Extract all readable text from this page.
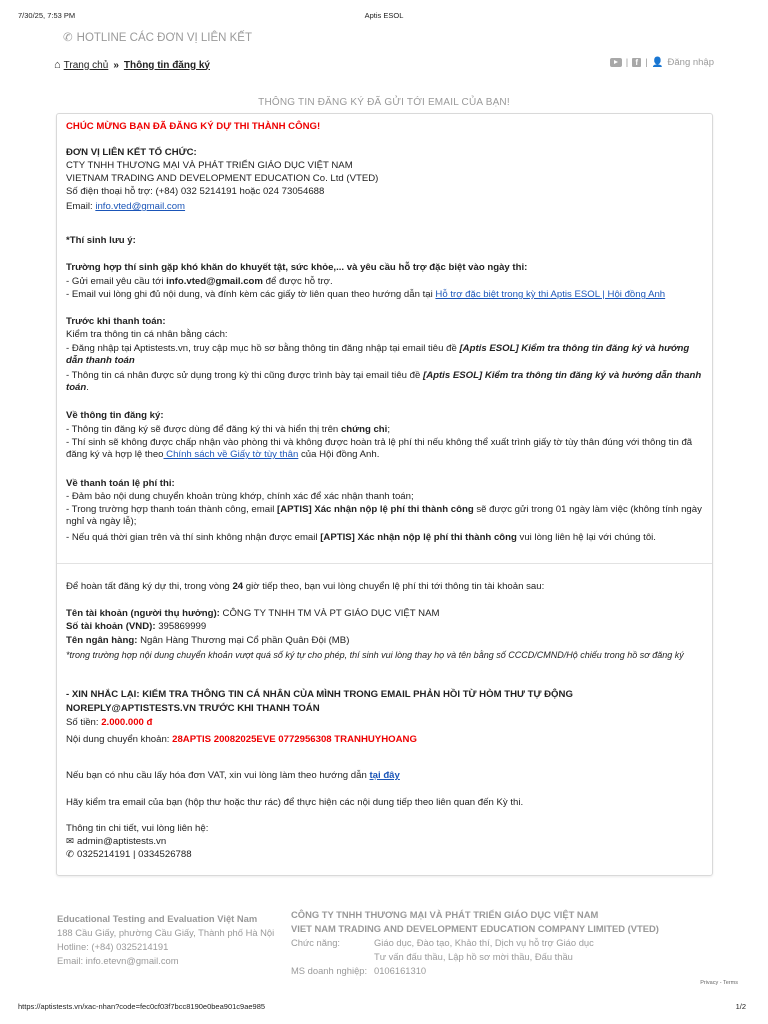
7/30/25, 7:53 PM	Aptis ESOL
✆ HOTLINE CÁC ĐƠN VỊ LIÊN KẾT
⌂ Trang chủ » Thông tin đăng ký	| f | 👤 Đăng nhập
THÔNG TIN ĐĂNG KÝ ĐÃ GỬI TỚI EMAIL CỦA BẠN!
CHÚC MỪNG BẠN ĐÃ ĐĂNG KÝ DỰ THI THÀNH CÔNG!
ĐƠN VỊ LIÊN KẾT TỔ CHỨC:
CTY TNHH THƯƠNG MẠI VÀ PHÁT TRIỂN GIÁO DỤC VIỆT NAM
VIETNAM TRADING AND DEVELOPMENT EDUCATION Co. Ltd (VTED)
Số điện thoại hỗ trợ: (+84) 032 5214191 hoặc 024 73054688
Email: info.vted@gmail.com
*Thí sinh lưu ý:
Trường hợp thí sinh gặp khó khăn do khuyết tật, sức khỏe,... và yêu cầu hỗ trợ đặc biệt vào ngày thi:
- Gửi email yêu cầu tới info.vted@gmail.com để được hỗ trợ.
- Email vui lòng ghi đủ nội dung, và đính kèm các giấy tờ liên quan theo hướng dẫn tại Hỗ trợ đặc biệt trong kỳ thi Aptis ESOL | Hội đồng Anh
Trước khi thanh toán:
Kiểm tra thông tin cá nhân bằng cách:
- Đăng nhập tại Aptistests.vn, truy cập mục hồ sơ bằng thông tin đăng nhập tại email tiêu đề [Aptis ESOL] Kiểm tra thông tin đăng ký và hướng dẫn thanh toán
- Thông tin cá nhân được sử dụng trong kỳ thi cũng được trình bày tại email tiêu đề [Aptis ESOL] Kiểm tra thông tin đăng ký và hướng dẫn thanh toán.
Về thông tin đăng ký:
- Thông tin đăng ký sẽ được dùng để đăng ký thi và hiển thị trên chứng chỉ;
- Thí sinh sẽ không được chấp nhận vào phòng thi và không được hoàn trả lệ phí thi nếu không thể xuất trình giấy tờ tùy thân đúng với thông tin đã đăng ký và hợp lệ theo Chính sách về Giấy tờ tùy thân của Hội đồng Anh.
Về thanh toán lệ phí thi:
- Đảm bảo nội dung chuyển khoản trùng khớp, chính xác để xác nhận thanh toán;
- Trong trường hợp thanh toán thành công, email [APTIS] Xác nhận nộp lệ phí thi thành công sẽ được gửi trong 01 ngày làm việc (không tính ngày nghỉ và ngày lễ);
- Nếu quá thời gian trên và thí sinh không nhận được email [APTIS] Xác nhận nộp lệ phí thi thành công vui lòng liên hệ lại với chúng tôi.
Để hoàn tất đăng ký dự thi, trong vòng 24 giờ tiếp theo, bạn vui lòng chuyển lệ phí thi tới thông tin tài khoản sau:
Tên tài khoản (người thụ hưởng): CÔNG TY TNHH TM VÀ PT GIÁO DỤC VIỆT NAM
Số tài khoản (VND): 395869999
Tên ngân hàng: Ngân Hàng Thương mại Cổ phần Quân Đội (MB)
*trong trường hợp nội dung chuyển khoản vượt quá số ký tự cho phép, thí sinh vui lòng thay họ và tên bằng số CCCD/CMND/Hộ chiếu trong hồ sơ đăng ký
- XIN NHẮC LẠI: KIỂM TRA THÔNG TIN CÁ NHÂN CỦA MÌNH TRONG EMAIL PHẢN HỒI TỪ HÒM THƯ TỰ ĐỘNG NOREPLY@APTISTESTS.VN TRƯỚC KHI THANH TOÁN
Số tiền: 2.000.000 đ
Nội dung chuyển khoản: 28APTIS 20082025EVE 0772956308 TRANHUYHOANG
Nếu bạn có nhu cầu lấy hóa đơn VAT, xin vui lòng làm theo hướng dẫn tại đây
Hãy kiểm tra email của bạn (hộp thư hoặc thư rác) để thực hiện các nội dung tiếp theo liên quan đến Kỳ thi.
Thông tin chi tiết, vui lòng liên hệ:
✉ admin@aptistests.vn
✆ 0325214191 | 0334526788
Educational Testing and Evaluation Việt Nam
188 Cầu Giấy, phường Cầu Giấy, Thành phố Hà Nội
Hotline: (+84) 0325214191
Email: info.etevn@gmail.com
CÔNG TY TNHH THƯƠNG MẠI VÀ PHÁT TRIỂN GIÁO DỤC VIỆT NAM
VIET NAM TRADING AND DEVELOPMENT EDUCATION COMPANY LIMITED (VTED)
Chức năng:	Giáo dục, Đào tạo, Khảo thí, Dịch vụ hỗ trợ Giáo dục
Tư vấn đấu thầu, Lập hồ sơ mời thầu, Đấu thầu
MS doanh nghiệp: 0106161310
Privacy - Terms
https://aptistests.vn/xac-nhan?code=fec0cf03f7bcc8190e0bea901c9ae985	1/2
